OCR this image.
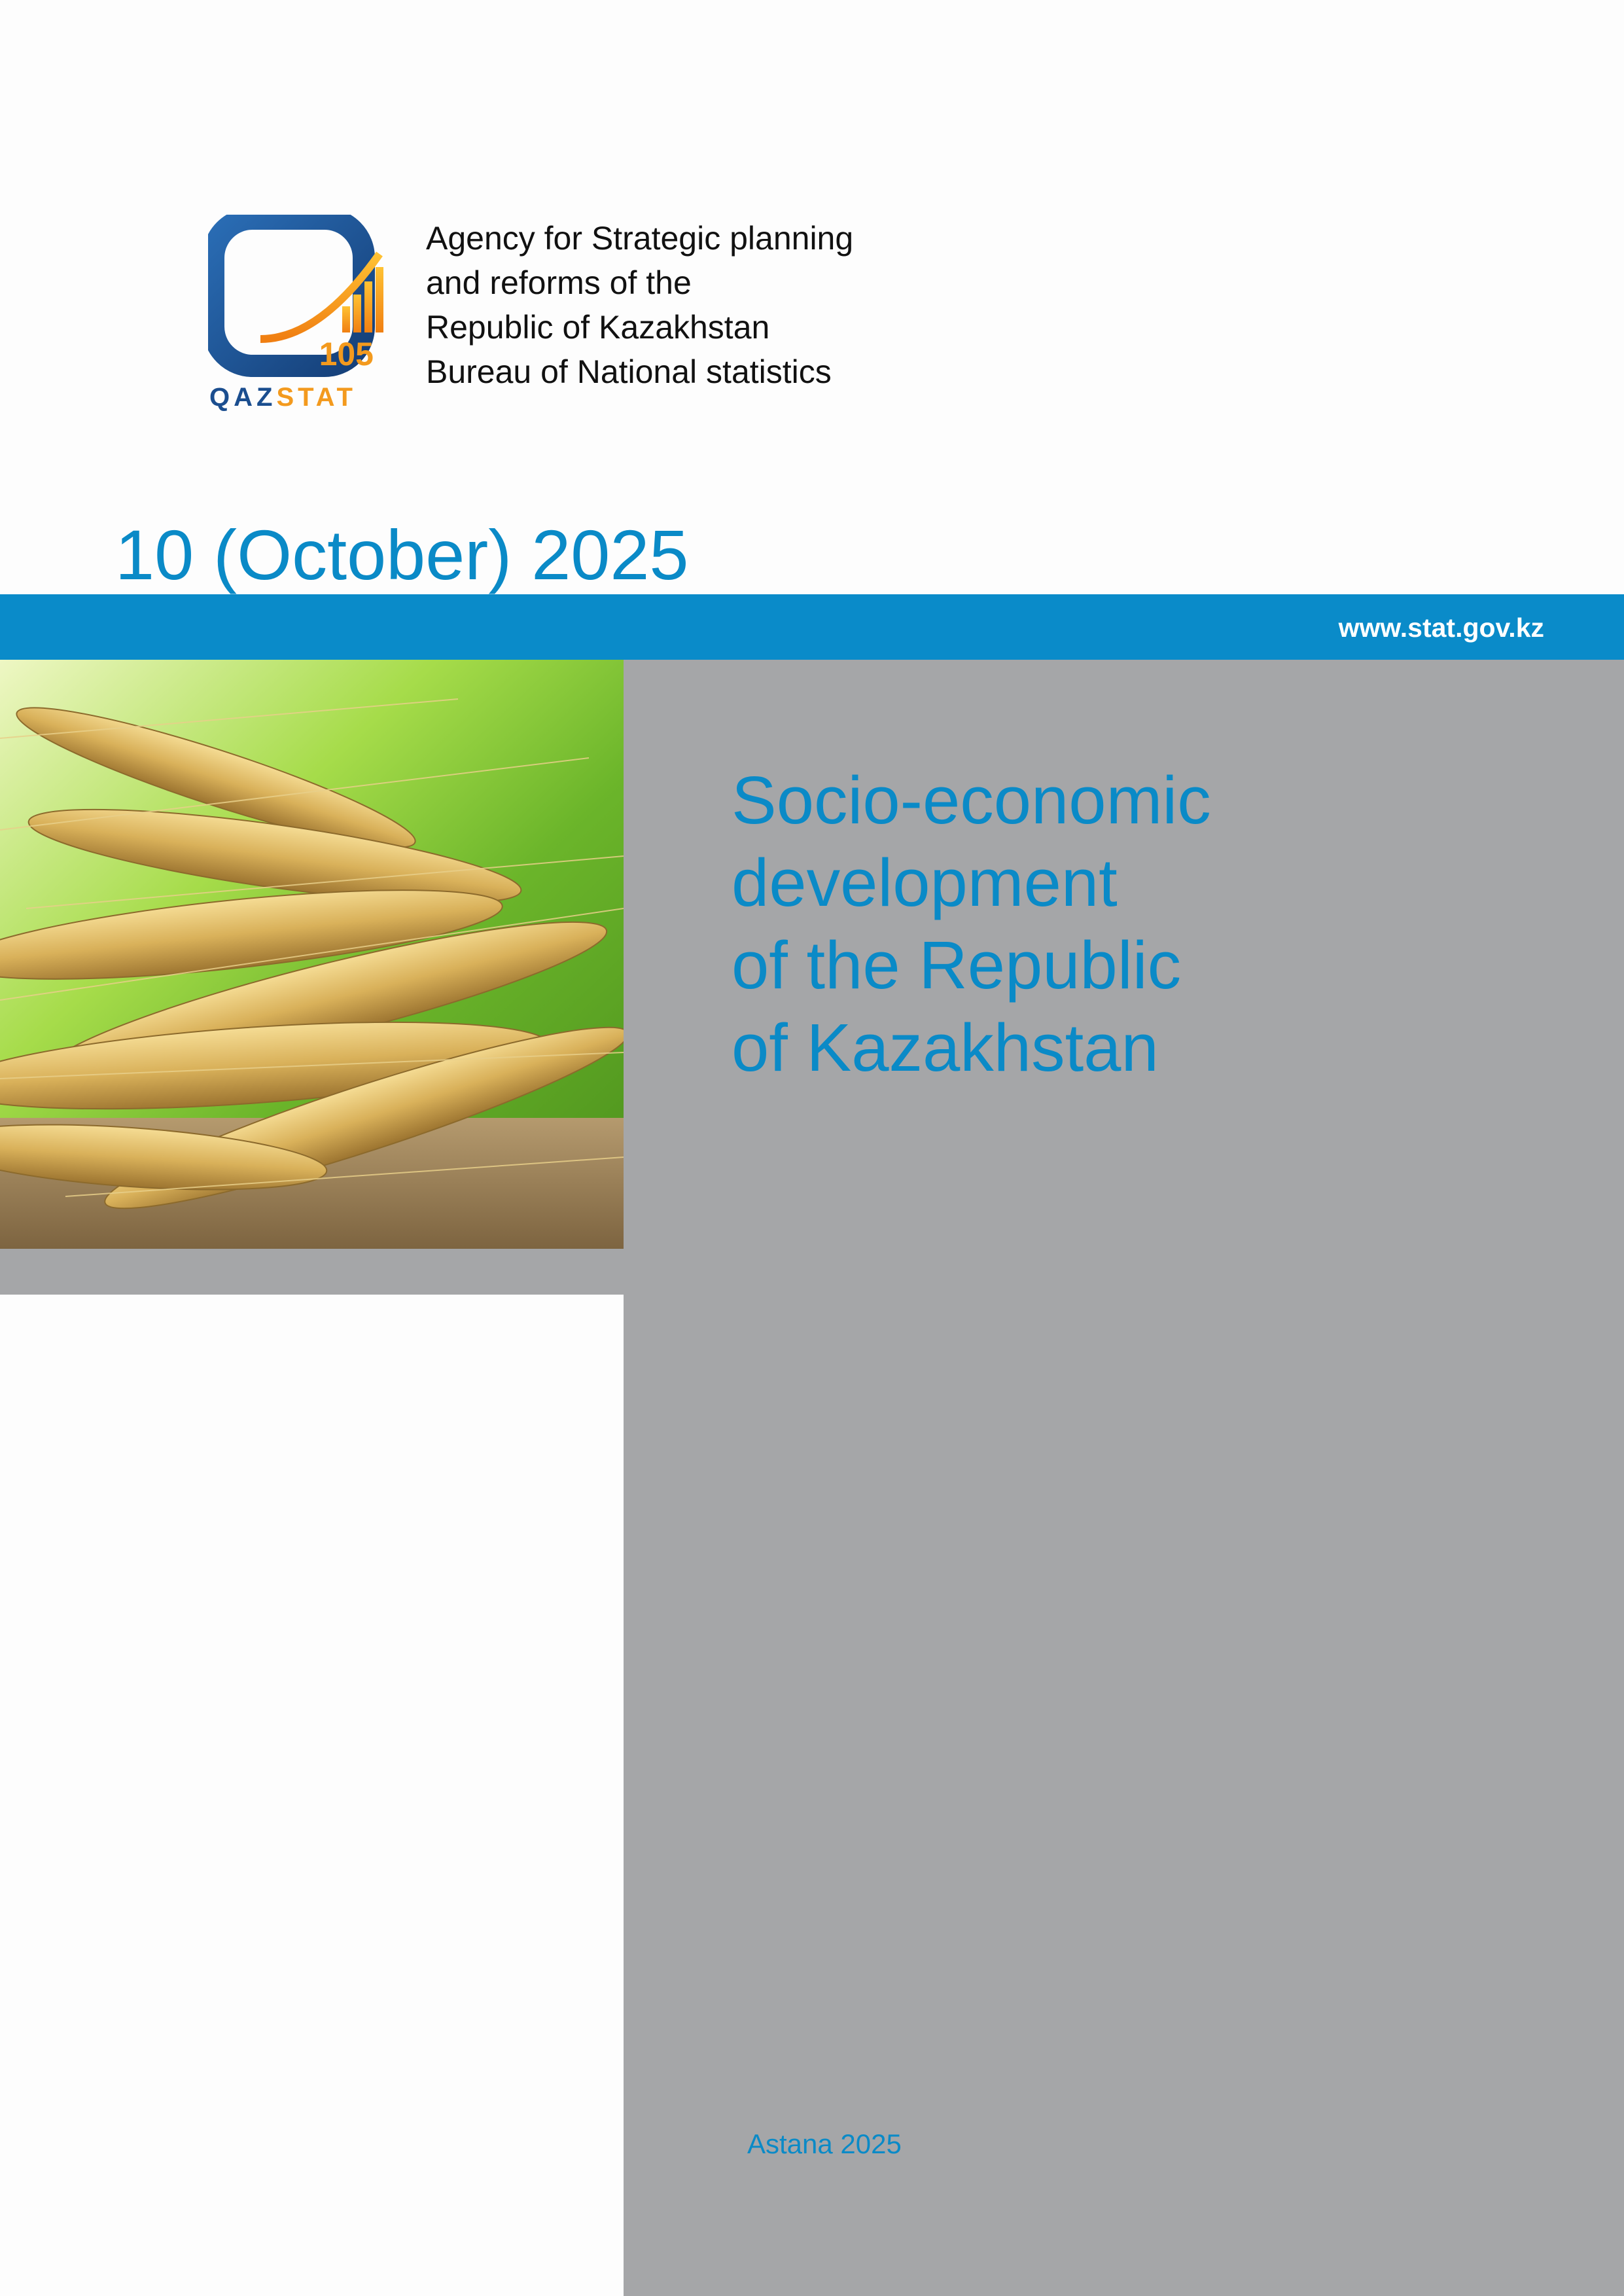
105
QAZSTAT
Agency for Strategic planning
and reforms of the
Republic of Kazakhstan
Bureau of National statistics
10 (October) 2025
www.stat.gov.kz
Socio-economic
development
of the Republic
of Kazakhstan
Astana 2025
